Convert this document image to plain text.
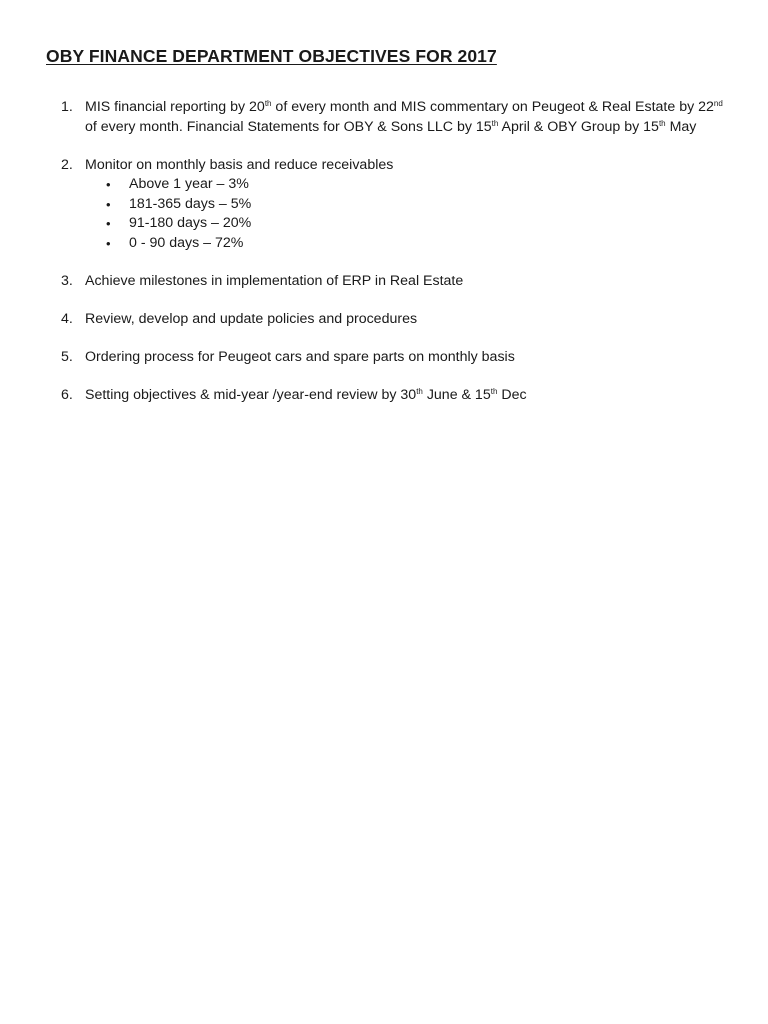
OBY FINANCE DEPARTMENT OBJECTIVES FOR 2017
1. MIS financial reporting by 20th of every month and MIS commentary on Peugeot & Real Estate by 22nd of every month. Financial Statements for OBY & Sons LLC by 15th April & OBY Group by 15th May
2. Monitor on monthly basis and reduce receivables
• Above 1 year – 3%
• 181-365 days – 5%
• 91-180 days – 20%
• 0 - 90 days – 72%
3. Achieve milestones in implementation of ERP in Real Estate
4. Review, develop and update policies and procedures
5. Ordering process for Peugeot cars and spare parts on monthly basis
6. Setting objectives & mid-year /year-end review by 30th June & 15th Dec
